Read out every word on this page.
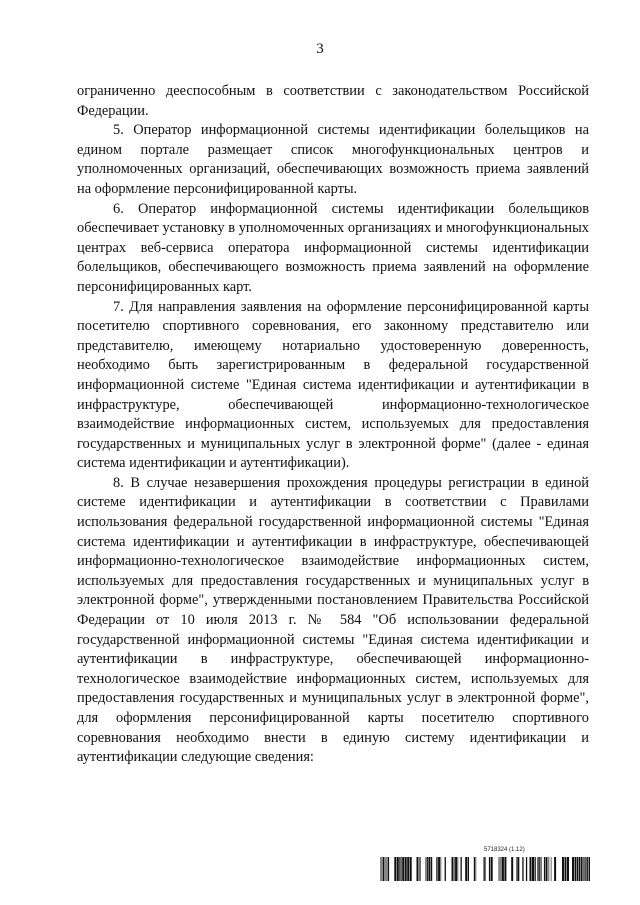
3

ограниченно дееспособным в соответствии с законодательством Российской Федерации.

5. Оператор информационной системы идентификации болельщиков на едином портале размещает список многофункциональных центров и уполномоченных организаций, обеспечивающих возможность приема заявлений на оформление персонифицированной карты.

6. Оператор информационной системы идентификации болельщиков обеспечивает установку в уполномоченных организациях и многофункциональных центрах веб-сервиса оператора информационной системы идентификации болельщиков, обеспечивающего возможность приема заявлений на оформление персонифицированных карт.

7. Для направления заявления на оформление персонифицированной карты посетителю спортивного соревнования, его законному представителю или представителю, имеющему нотариально удостоверенную доверенность, необходимо быть зарегистрированным в федеральной государственной информационной системе "Единая система идентификации и аутентификации в инфраструктуре, обеспечивающей информационно-технологическое взаимодействие информационных систем, используемых для предоставления государственных и муниципальных услуг в электронной форме" (далее - единая система идентификации и аутентификации).

8. В случае незавершения прохождения процедуры регистрации в единой системе идентификации и аутентификации в соответствии с Правилами использования федеральной государственной информационной системы "Единая система идентификации и аутентификации в инфраструктуре, обеспечивающей информационно-технологическое взаимодействие информационных систем, используемых для предоставления государственных и муниципальных услуг в электронной форме", утвержденными постановлением Правительства Российской Федерации от 10 июля 2013 г. № 584 "Об использовании федеральной государственной информационной системы "Единая система идентификации и аутентификации в инфраструктуре, обеспечивающей информационно-технологическое взаимодействие информационных систем, используемых для предоставления государственных и муниципальных услуг в электронной форме", для оформления персонифицированной карты посетителю спортивного соревнования необходимо внести в единую систему идентификации и аутентификации следующие сведения:

5718324 (1.12)
